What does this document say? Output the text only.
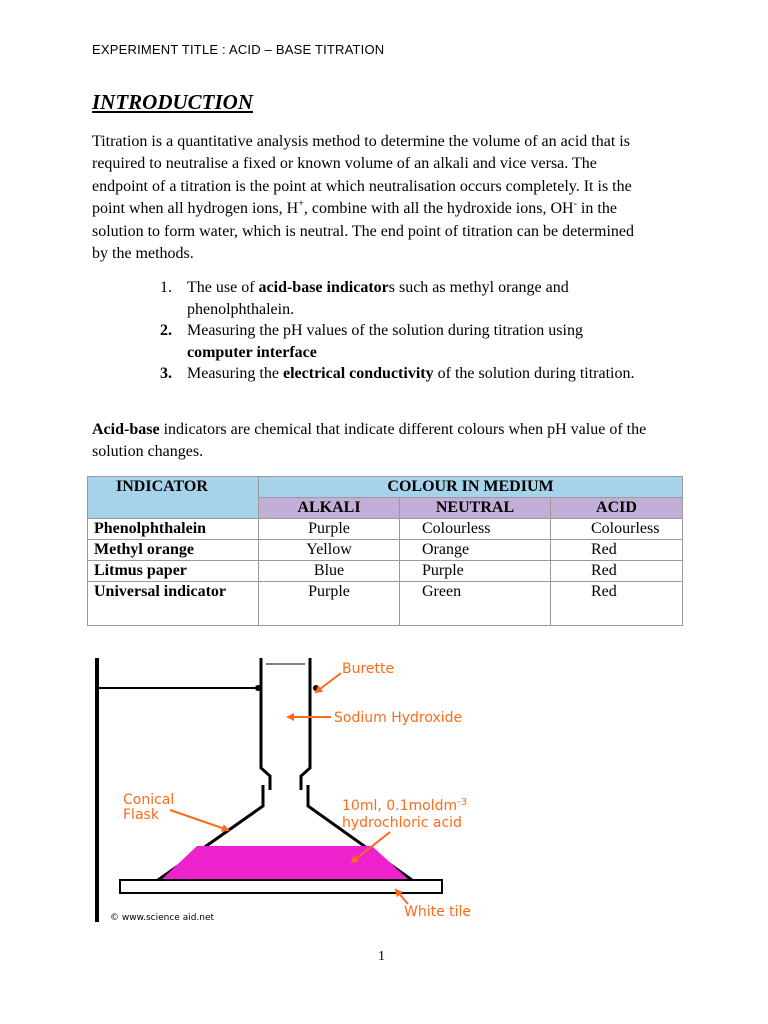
EXPERIMENT TITLE : ACID – BASE TITRATION
INTRODUCTION

Titration is a quantitative analysis method to determine the volume of an acid that is required to neutralise a fixed or known volume of an alkali and vice versa. The endpoint of a titration is the point at which neutralisation occurs completely. It is the point when all hydrogen ions, H+, combine with all the hydroxide ions, OH- in the solution to form water, which is neutral. The end point of titration can be determined by the methods.

1. The use of acid-base indicators such as methyl orange and phenolphthalein.
2. Measuring the pH values of the solution during titration using computer interface
3. Measuring the electrical conductivity of the solution during titration.

Acid-base indicators are chemical that indicate different colours when pH value of the solution changes.

INDICATOR	COLOUR IN MEDIUM		
	ALKALI	NEUTRAL	ACID
Phenolphthalein	Purple	Colourless	Colourless
Methyl orange	Yellow	Orange	Red
Litmus paper	Blue	Purple	Red
Universal indicator	Purple	Green	Red
Burette
Sodium Hydroxide
Conical
Flask
10ml, 0.1moldm$^{-3}$
hydrochloric acid
White tile
© www.science aid.net
1
